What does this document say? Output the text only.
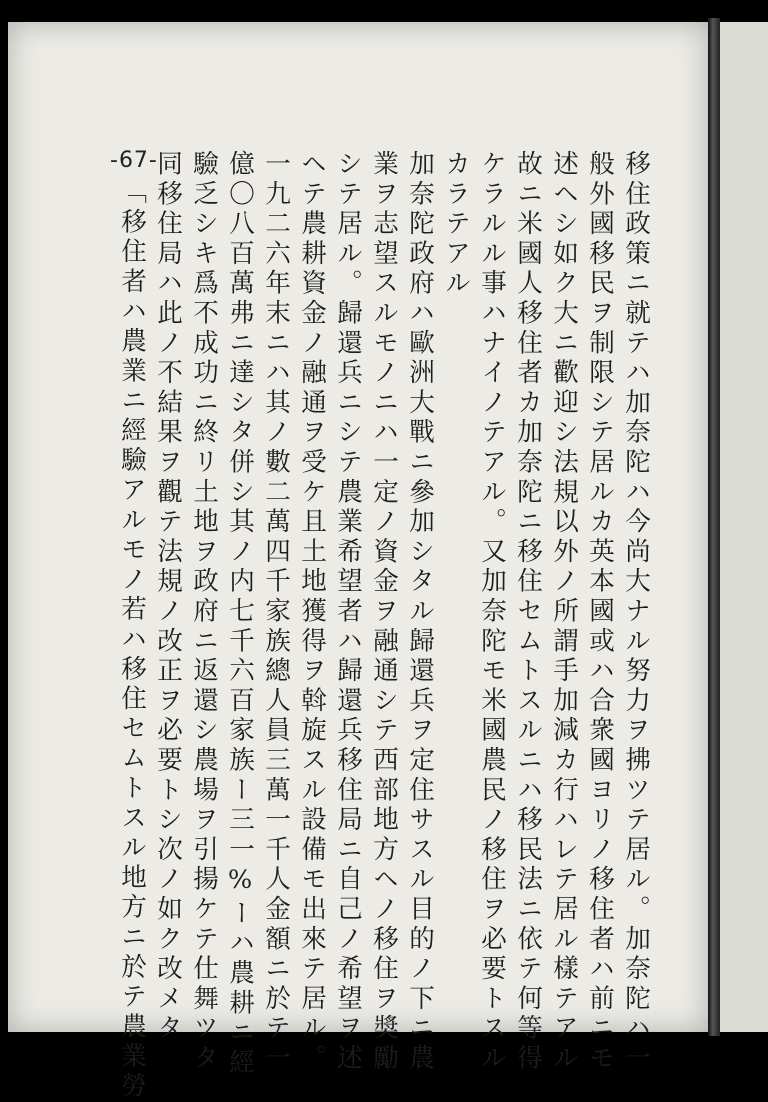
-67-	移住政策ニ就テハ加奈陀ハ今尚大ナル努力ヲ拂ツテ居ル。加奈陀ハ一
般外國移民ヲ制限シテ居ルカ英本國或ハ合衆國ヨリノ移住者ハ前ニモ
述ヘシ如ク大ニ歡迎シ法規以外ノ所謂手加減カ行ハレテ居ル樣テアル
故ニ米國人移住者カ加奈陀ニ移住セムトスルニハ移民法ニ依テ何等得
ケラルル事ハナイノテアル。又加奈陀モ米國農民ノ移住ヲ必要トスル
カラテアル
加奈陀政府ハ歐洲大戰ニ參加シタル歸還兵ヲ定住サスル目的ノ下ニ農
業ヲ志望スルモノニハ一定ノ資金ヲ融通シテ西部地方ヘノ移住ヲ奬勵
シテ居ル。歸還兵ニシテ農業希望者ハ歸還兵移住局ニ自己ノ希望ヲ述
ヘテ農耕資金ノ融通ヲ受ケ且土地獲得ヲ斡旋スル設備モ出來テ居ル。
一九二六年末ニハ其ノ數二萬四千家族總人員三萬一千人金額ニ於テ一
億〇八百萬弗ニ達シタ併シ其ノ内七千六百家族ー三一%ーハ農耕ニ經
驗乏シキ爲不成功ニ終リ土地ヲ政府ニ返還シ農場ヲ引揚ケテ仕舞ツタ
同移住局ハ此ノ不結果ヲ觀テ法規ノ改正ヲ必要トシ次ノ如ク改メタ
「移住者ハ農業ニ經驗アルモノ若ハ移住セムトスル地方ニ於テ農業勞
